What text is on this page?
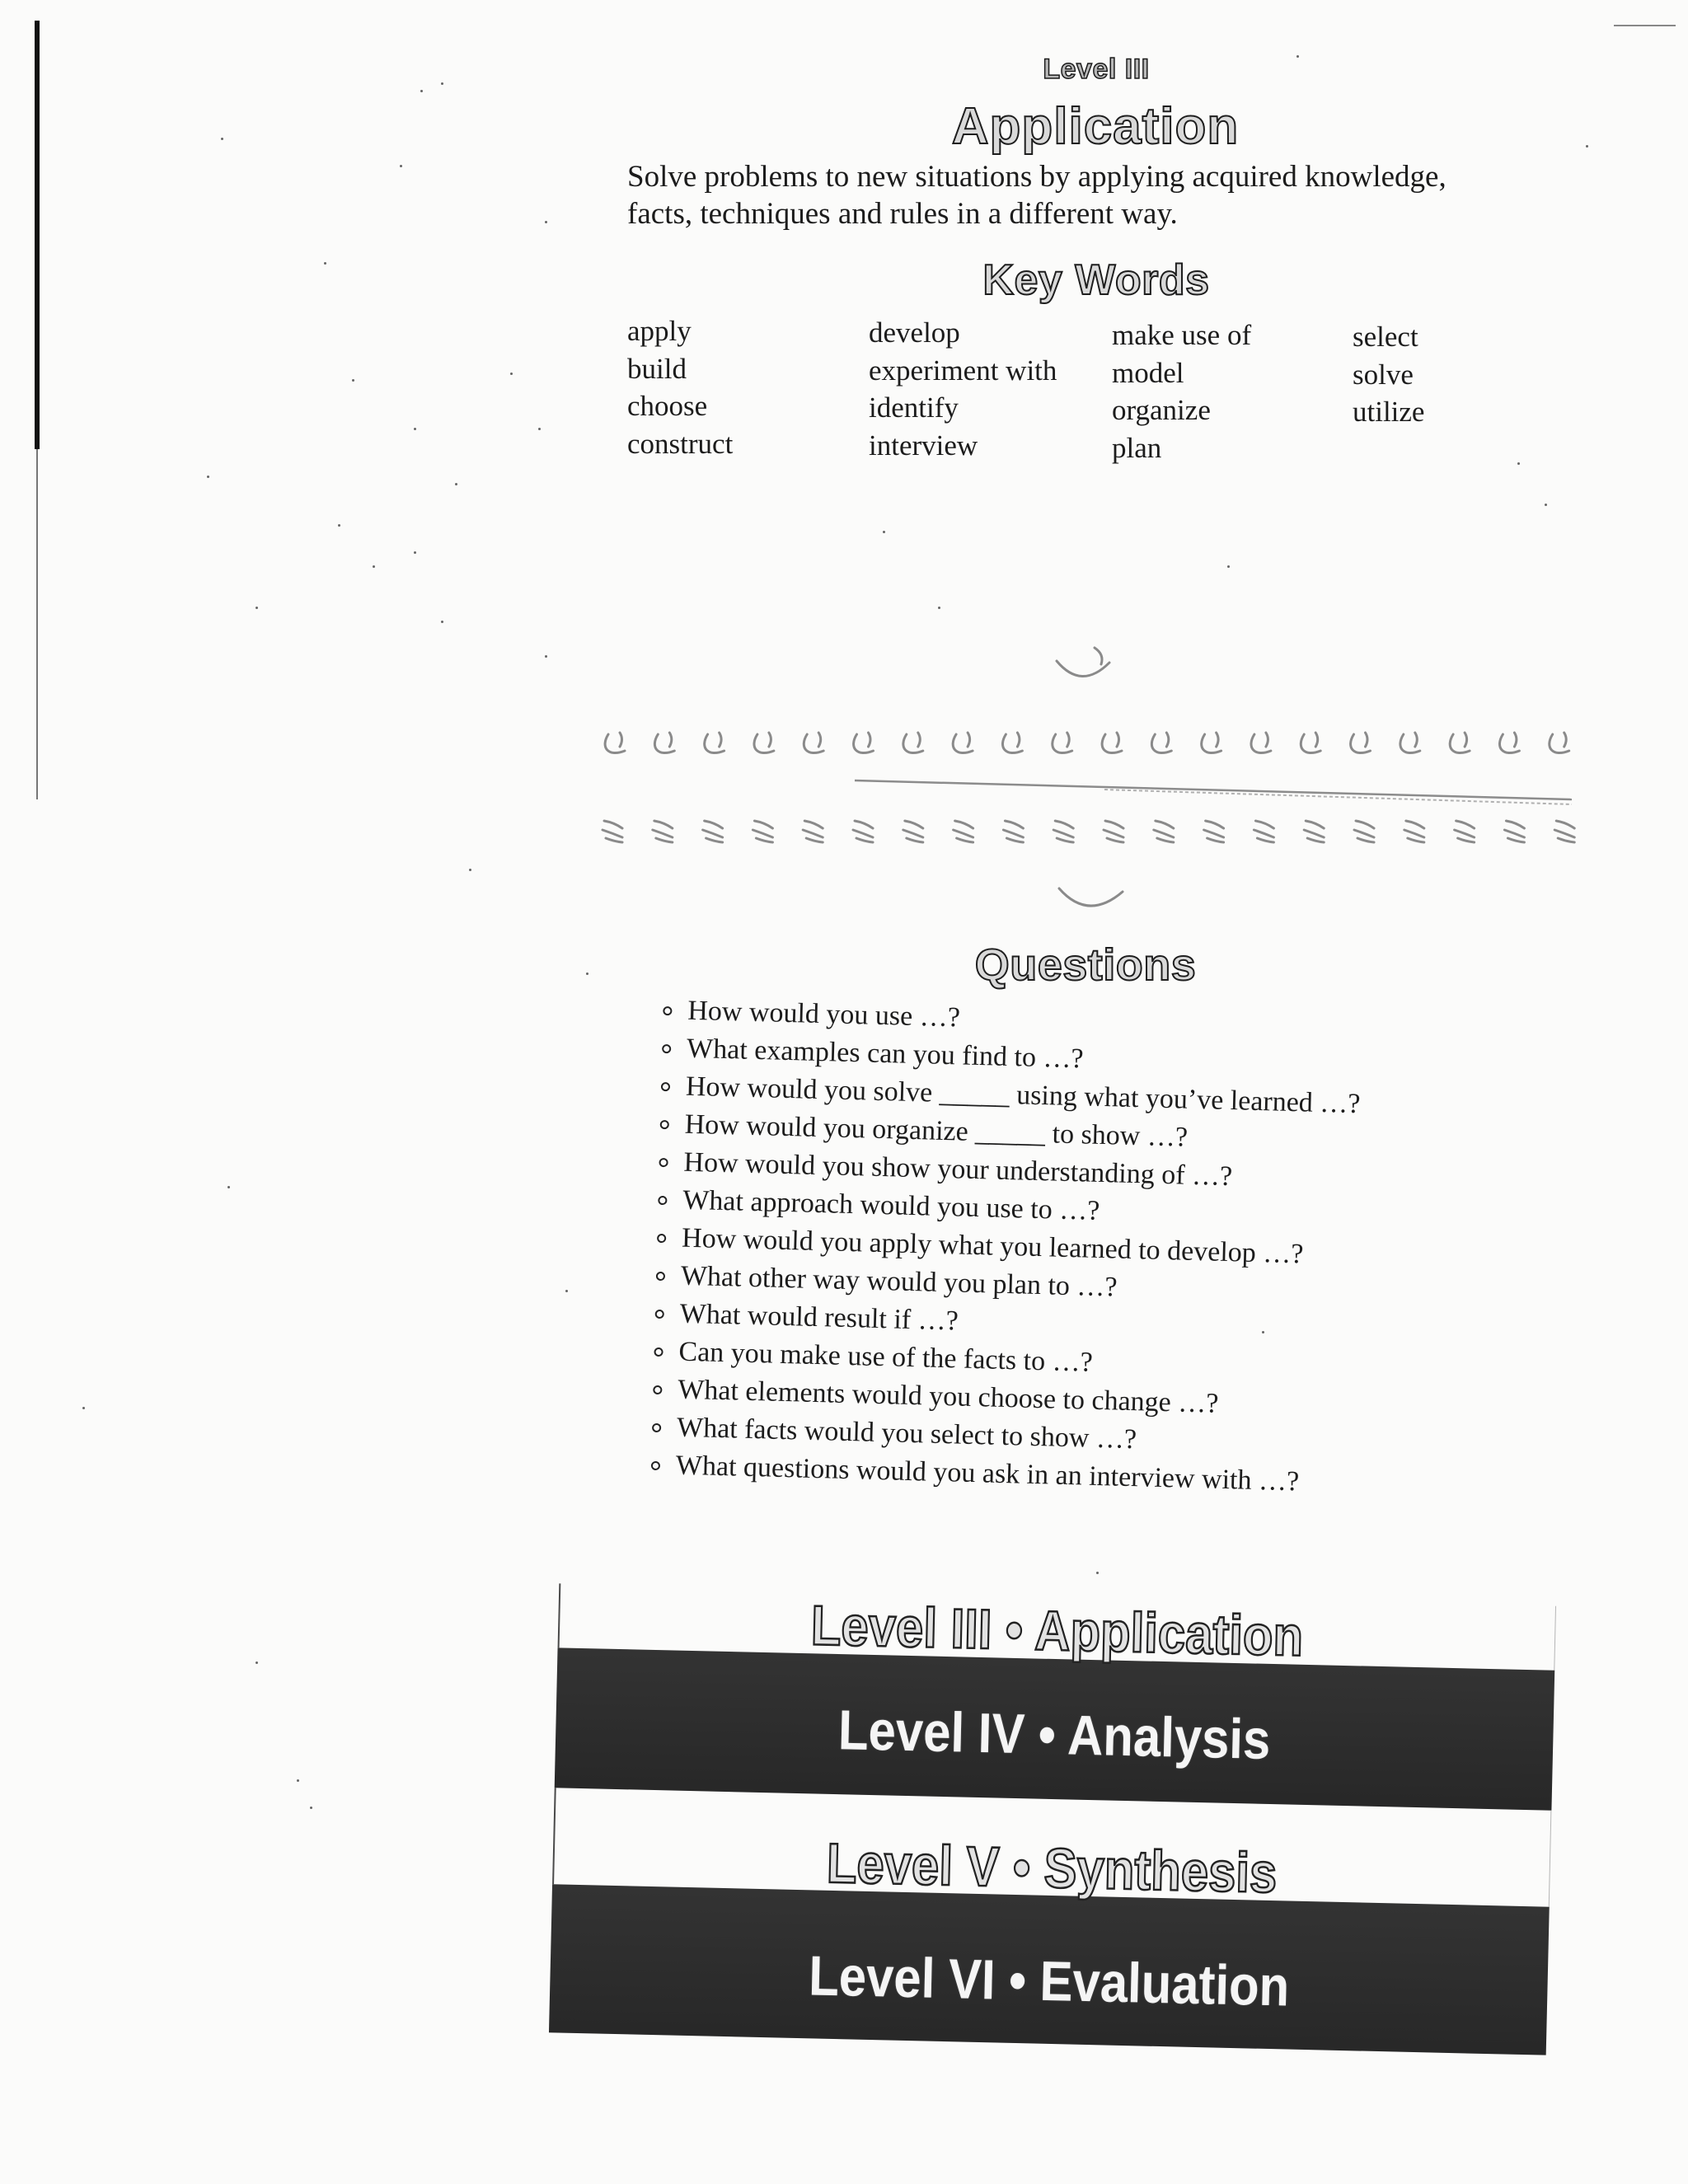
Level III
Application
Solve problems to new situations by applying acquired knowledge,
facts, techniques and rules in a different way.
Key Words
apply
build
choose
construct
develop
experiment with
identify
interview
make use of
model
organize
plan
select
solve
utilize
Questions
How would you use …?
What examples can you find to …?
How would you solve _____ using what you’ve learned …?
How would you organize _____ to show …?
How would you show your understanding of …?
What approach would you use to …?
How would you apply what you learned to develop …?
What other way would you plan to …?
What would result if …?
Can you make use of the facts to …?
What elements would you choose to change …?
What facts would you select to show …?
What questions would you ask in an interview with …?
Level III • Application
Level IV • Analysis
Level V • Synthesis
Level VI • Evaluation
